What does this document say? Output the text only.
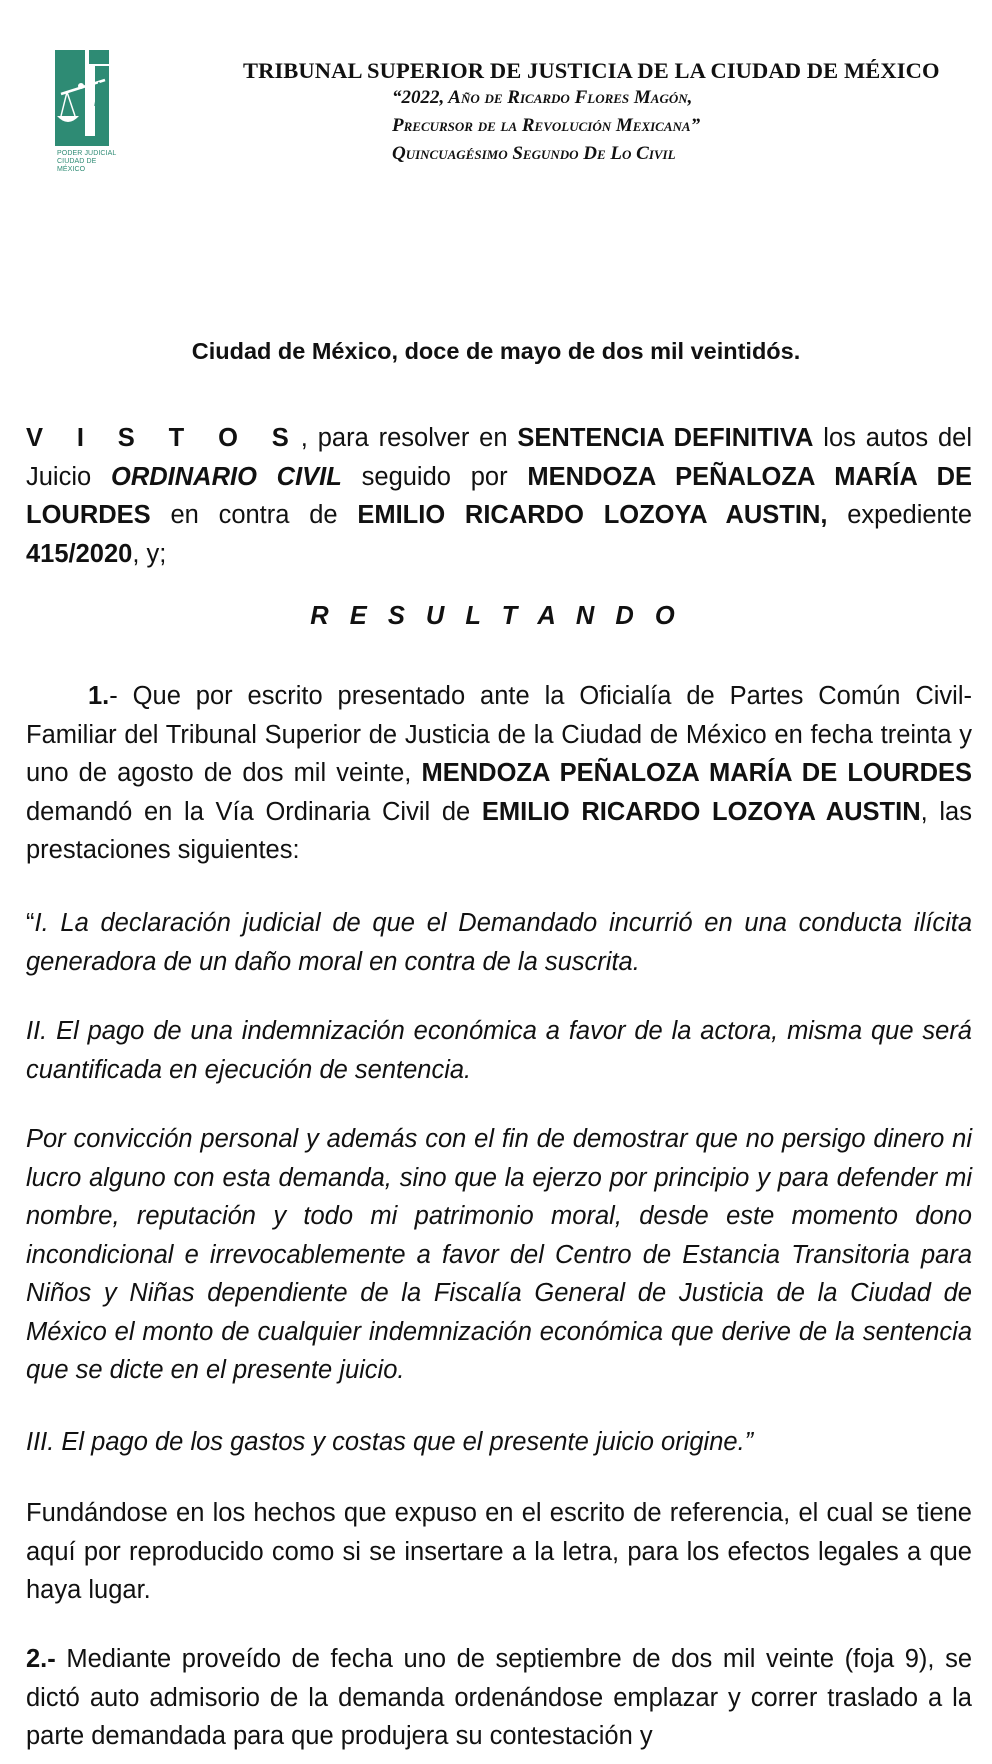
PODER JUDICIAL CIUDAD DE MÉXICO
TRIBUNAL SUPERIOR DE JUSTICIA DE LA CIUDAD DE MÉXICO
“2022, Año de Ricardo Flores Magón,
Precursor de la Revolución Mexicana”
Quincuagésimo Segundo De Lo Civil
Ciudad de México, doce de mayo de dos mil veintidós.
V I S T O S, para resolver en SENTENCIA DEFINITIVA los autos del Juicio ORDINARIO CIVIL seguido por MENDOZA PEÑALOZA MARÍA DE LOURDES en contra de EMILIO RICARDO LOZOYA AUSTIN, expediente 415/2020, y;
R E S U L T A N D O
1.- Que por escrito presentado ante la Oficialía de Partes Común Civil-Familiar del Tribunal Superior de Justicia de la Ciudad de México en fecha treinta y uno de agosto de dos mil veinte, MENDOZA PEÑALOZA MARÍA DE LOURDES demandó en la Vía Ordinaria Civil de EMILIO RICARDO LOZOYA AUSTIN, las prestaciones siguientes:
“I. La declaración judicial de que el Demandado incurrió en una conducta ilícita generadora de un daño moral en contra de la suscrita.
II. El pago de una indemnización económica a favor de la actora, misma que será cuantificada en ejecución de sentencia.
Por convicción personal y además con el fin de demostrar que no persigo dinero ni lucro alguno con esta demanda, sino que la ejerzo por principio y para defender mi nombre, reputación y todo mi patrimonio moral, desde este momento dono incondicional e irrevocablemente a favor del Centro de Estancia Transitoria para Niños y Niñas dependiente de la Fiscalía General de Justicia de la Ciudad de México el monto de cualquier indemnización económica que derive de la sentencia que se dicte en el presente juicio.
III. El pago de los gastos y costas que el presente juicio origine.”
Fundándose en los hechos que expuso en el escrito de referencia, el cual se tiene aquí por reproducido como si se insertare a la letra, para los efectos legales a que haya lugar.
2.- Mediante proveído de fecha uno de septiembre de dos mil veinte (foja 9), se dictó auto admisorio de la demanda ordenándose emplazar y correr traslado a la parte demandada para que produjera su contestación y
